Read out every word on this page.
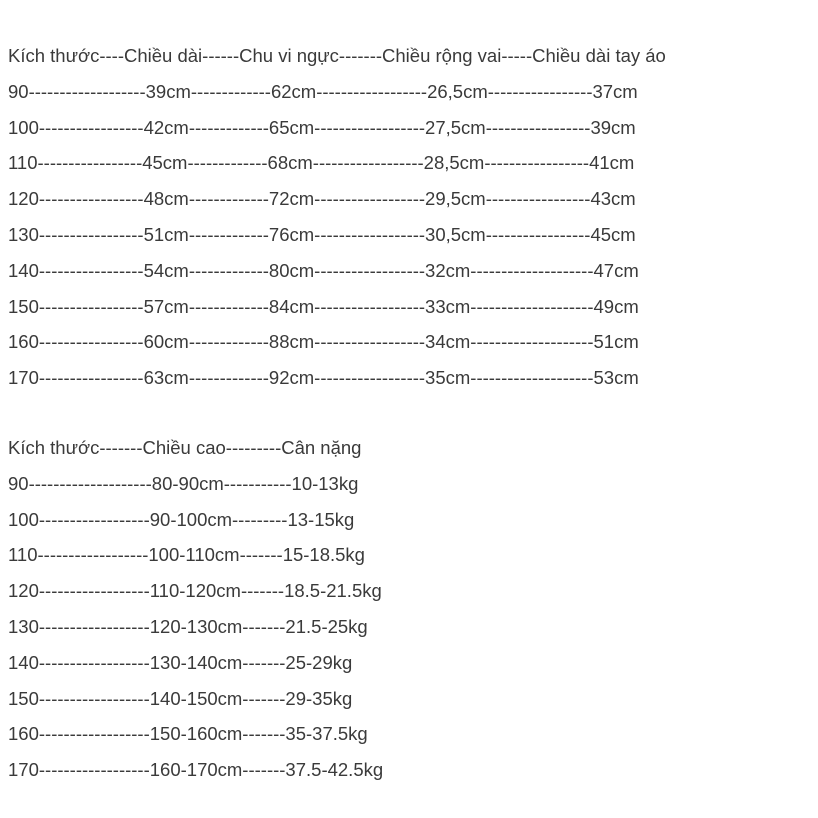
Kích thước----Chiều dài------Chu vi ngực-------Chiều rộng vai-----Chiều dài tay áo
90-------------------39cm-------------62cm------------------26,5cm-----------------37cm
100-----------------42cm-------------65cm------------------27,5cm-----------------39cm
110-----------------45cm-------------68cm------------------28,5cm-----------------41cm
120-----------------48cm-------------72cm------------------29,5cm-----------------43cm
130-----------------51cm-------------76cm------------------30,5cm-----------------45cm
140-----------------54cm-------------80cm------------------32cm--------------------47cm
150-----------------57cm-------------84cm------------------33cm--------------------49cm
160-----------------60cm-------------88cm------------------34cm--------------------51cm
170-----------------63cm-------------92cm------------------35cm--------------------53cm
Kích thước-------Chiều cao---------Cân nặng
90--------------------80-90cm-----------10-13kg
100------------------90-100cm---------13-15kg
110------------------100-110cm-------15-18.5kg
120------------------110-120cm-------18.5-21.5kg
130------------------120-130cm-------21.5-25kg
140------------------130-140cm-------25-29kg
150------------------140-150cm-------29-35kg
160------------------150-160cm-------35-37.5kg
170------------------160-170cm-------37.5-42.5kg
